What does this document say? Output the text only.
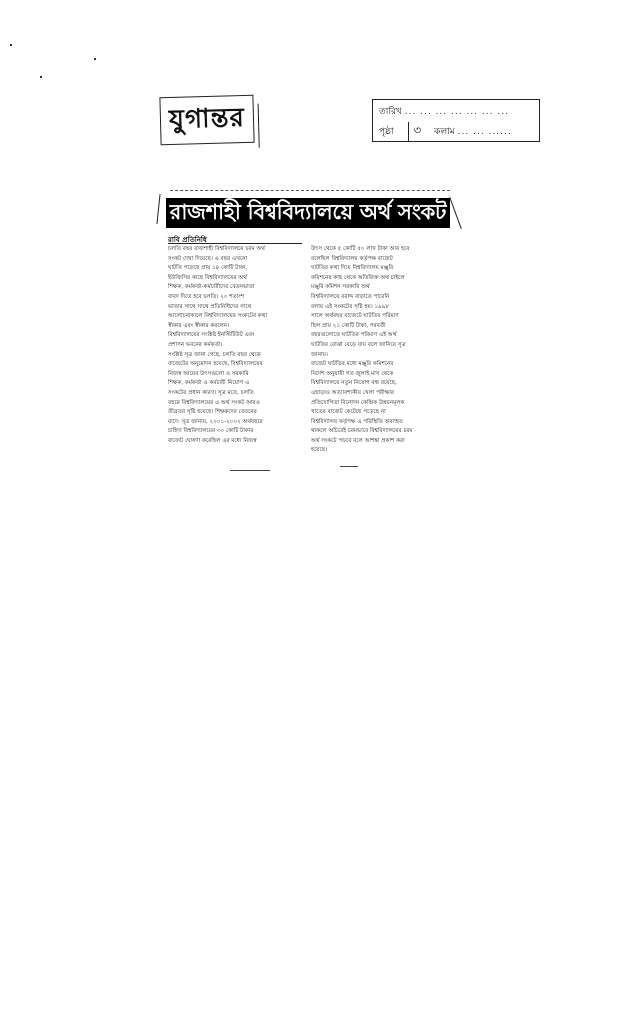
যুগান্তর	তারিখ ... ... ... ... ... ... ...
পৃষ্ঠা ৩ কলাম ... ... ......
রাজশাহী বিশ্ববিদ্যালয়ে অর্থ সংকট
রাবি প্রতিনিধি
চলতি বছর রাজশাহী বিশ্ববিদ্যালয়ে চরম অর্থ
সংকট দেখা দিয়েছে। এ বছর এখনো
ঘাটতি পড়েছে প্রায় ১৪ কোটি টাকা,
ইউজিসির কাছে বিশ্ববিদ্যালয়ের অর্থ
শিক্ষক, কর্মকর্তা-কর্মচারীদের বেতনভাতা
বাবদ দিতে হবে চলতি। ২০ শতাংশ
ভাতার সাথে সাথে প্রতিনিধিদের সাথে
আলোচনাকালে বিশ্ববিদ্যালয়ের সংকটের কথা
স্বীকার এবং স্বীকার করলেন।
বিশ্ববিদ্যালয়ের সংশ্লিষ্ট ইনস্টিটিউট এবং
প্রশাসন ভবনের কর্মকর্তা।
সংশ্লিষ্ট সূত্র জানা গেছে, চলতি বছর থেকে
বাজেটের অনুমোদন হয়েছে, বিশ্ববিদ্যালয়ের
নিজস্ব আয়ের উৎসগুলো ও সরকারি
শিক্ষক, কর্মকর্তা ও কর্মচারী নিয়োগ এ
সংকটের প্রধান কারণ। সূত্র মতে, চলতি
বছরে বিশ্ববিদ্যালয়ের এ অর্থ সংকট আরও
তীব্রতর সৃষ্টি হয়েছে। শিক্ষকদের বেতনের
বাদে: সূত্র জানায়, ২০০১-২০০২ অর্থবছরে
চাহিদা বিশ্ববিদ্যালয়ের ৩০ কোটি টাকার
বাজেট ঘোষণা করেছিল এর মধ্যে নিজস্ব
উৎস থেকে ৫ কোটি ৫০ লাখ টাকা আয় হবে
বলেছিল বিশ্ববিদ্যালয় কর্তৃপক্ষ বাজেট
ঘাটতির কথা দিয়ে বিশ্ববিদ্যালয় মঞ্জুরি
কমিশনের কাছ থেকে অতিরিক্ত অর্থ চাইলে
মঞ্জুরি কমিশন সরকারি অর্থ
বিশ্ববিদ্যালয়ে বরাদ্দ বাড়াতে পারেনি
বলায় এই সংকটের সৃষ্টি হয়। ১৯৯৮
সালে অর্থবছর বাজেটে ঘাটতির পরিমাণ
ছিল প্রায় ২১ কোটি টাকা, পরবর্তী
বছরগুলোতে ঘাটতির পরিমাণ এই অর্থ
ঘাটতির বোঝা বেড়ে যায় বলে জানিয়ে সূত্র
জানায়।
বাজেট ঘাটতির মধ্যে মঞ্জুরি কমিশনের
নির্দেশ অনুযায়ী গত জুলাই মাস থেকে
বিশ্ববিদ্যালয়ে নতুন নিয়োগ বন্ধ রয়েছে,
এছাড়াও অত্যাবশ্যকীয় খেলা পরীক্ষার
প্রতিযোগিতা বিনোদন কেন্দ্রিক উন্নয়নমূলক
খাতের বাজেট কেটেছে পড়েছে না
বিশ্ববিদ্যালয় কর্তৃপক্ষ এ পরিস্থিতি অব্যাহত
থাকলে অচিরেই চরমভাবে বিশ্ববিদ্যালয়ের চরম
অর্থ সংকটে পড়বে বলে আশঙ্কা প্রকাশ করা
হয়েছে।
